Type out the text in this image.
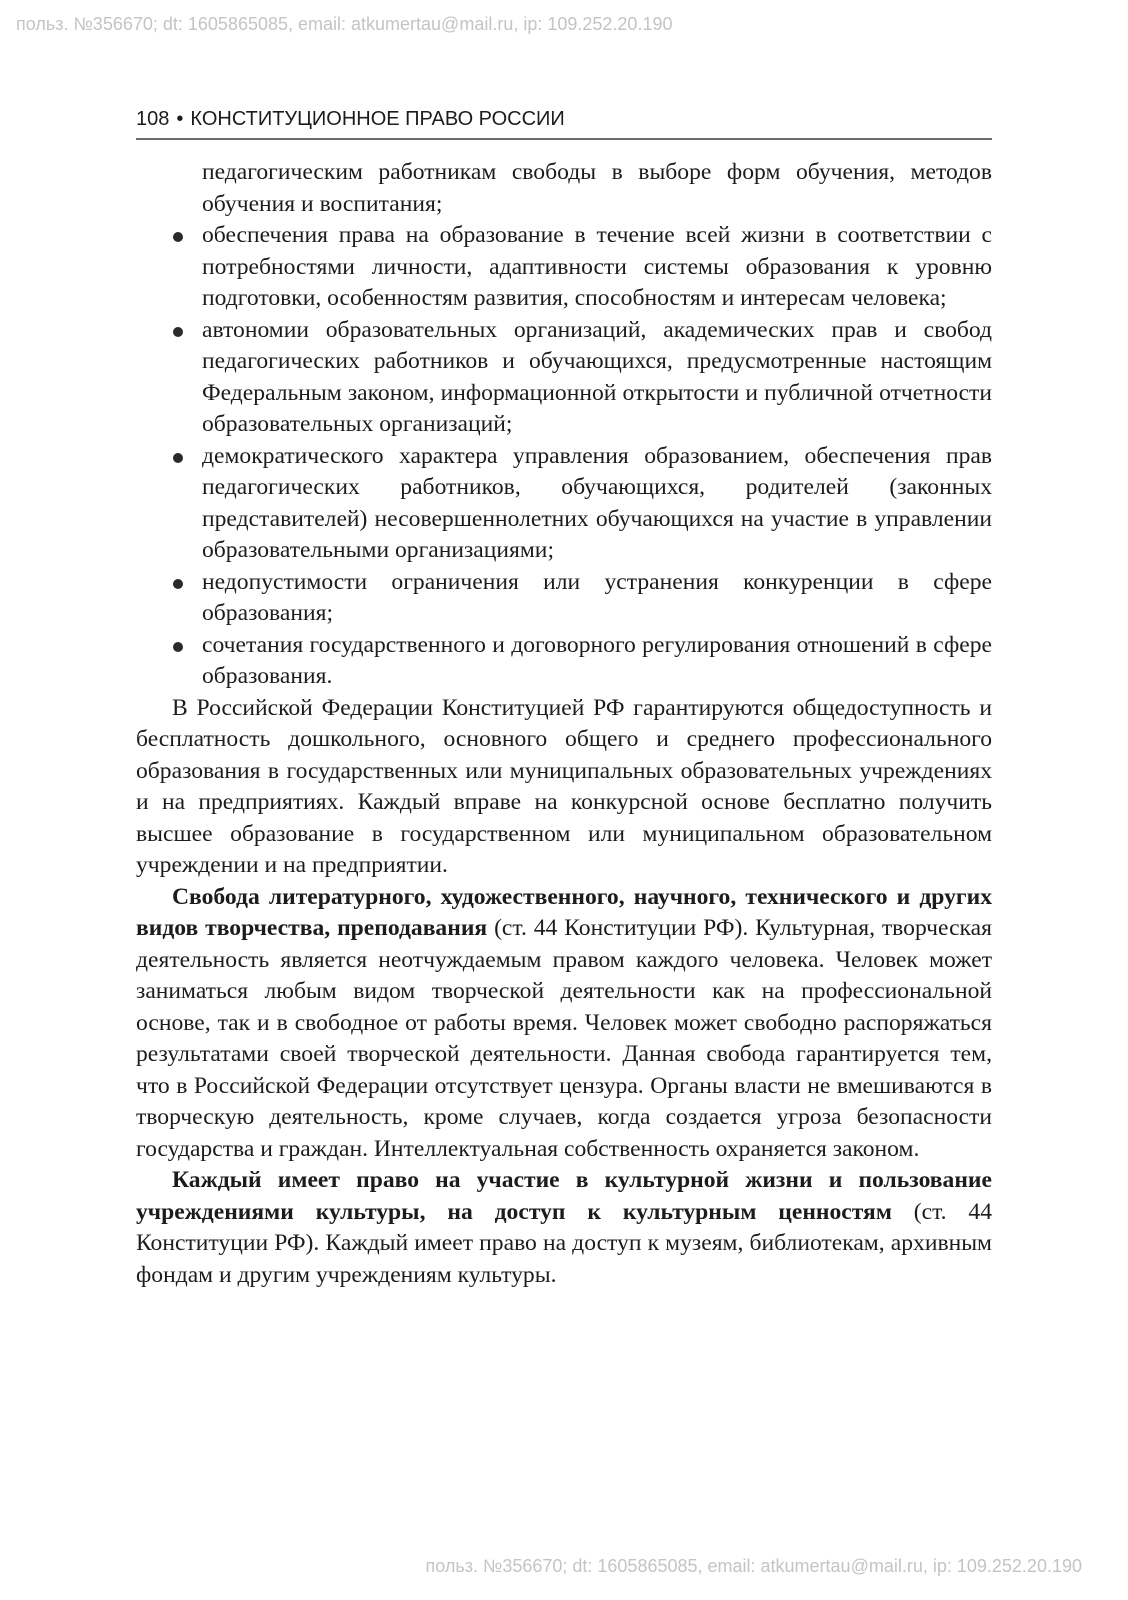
польз. №356670; dt: 1605865085, email: atkumertau@mail.ru, ip: 109.252.20.190
108 • КОНСТИТУЦИОННОЕ ПРАВО РОССИИ

педагогическим работникам свободы в выборе форм обучения, методов обучения и воспитания;

обеспечения права на образование в течение всей жизни в соответствии с потребностями личности, адаптивности системы образования к уровню подготовки, особенностям развития, способностям и интересам человека;
автономии образовательных организаций, академических прав и свобод педагогических работников и обучающихся, предусмотренные настоящим Федеральным законом, информационной открытости и публичной отчетности образовательных организаций;
демократического характера управления образованием, обеспечения прав педагогических работников, обучающихся, родителей (законных представителей) несовершеннолетних обучающихся на участие в управлении образовательными организациями;
недопустимости ограничения или устранения конкуренции в сфере образования;
сочетания государственного и договорного регулирования отношений в сфере образования.

В Российской Федерации Конституцией РФ гарантируются общедоступность и бесплатность дошкольного, основного общего и среднего профессионального образования в государственных или муниципальных образовательных учреждениях и на предприятиях. Каждый вправе на конкурсной основе бесплатно получить высшее образование в государственном или муниципальном образовательном учреждении и на предприятии.

Свобода литературного, художественного, научного, технического и других видов творчества, преподавания (ст. 44 Конституции РФ). Культурная, творческая деятельность является неотчуждаемым правом каждого человека. Человек может заниматься любым видом творческой деятельности как на профессиональной основе, так и в свободное от работы время. Человек может свободно распоряжаться результатами своей творческой деятельности. Данная свобода гарантируется тем, что в Российской Федерации отсутствует цензура. Органы власти не вмешиваются в творческую деятельность, кроме случаев, когда создается угроза безопасности государства и граждан. Интеллектуальная собственность охраняется законом.

Каждый имеет право на участие в культурной жизни и пользование учреждениями культуры, на доступ к культурным ценностям (ст. 44 Конституции РФ). Каждый имеет право на доступ к музеям, библиотекам, архивным фондам и другим учреждениям культуры.

польз. №356670; dt: 1605865085, email: atkumertau@mail.ru, ip: 109.252.20.190
